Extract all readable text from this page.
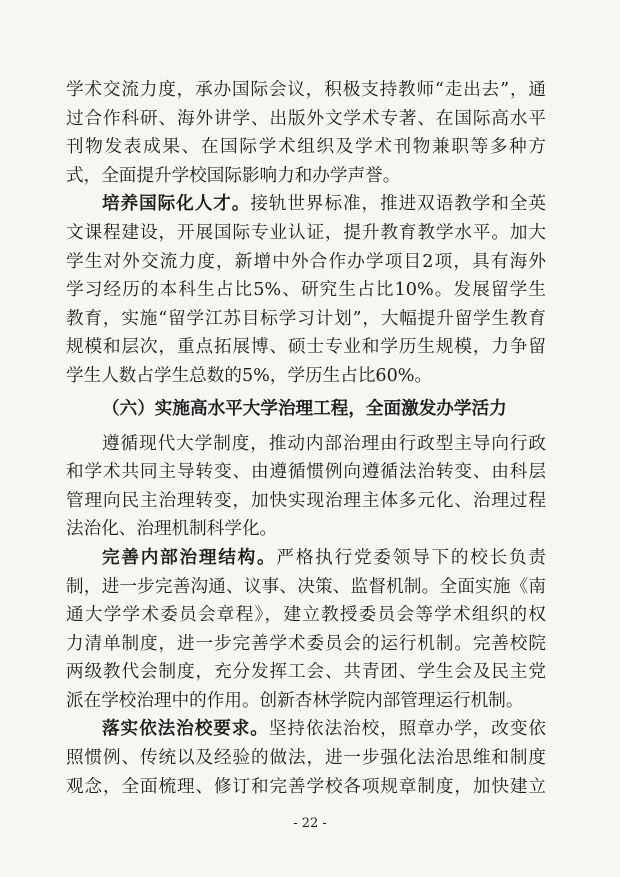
学术交流力度，承办国际会议，积极支持教师“走出去”，通
过合作科研、海外讲学、出版外文学术专著、在国际高水平
刊物发表成果、在国际学术组织及学术刊物兼职等多种方
式，全面提升学校国际影响力和办学声誉。
培养国际化人才。接轨世界标准，推进双语教学和全英
文课程建设，开展国际专业认证，提升教育教学水平。加大
学生对外交流力度，新增中外合作办学项目2项，具有海外
学习经历的本科生占比5%、研究生占比10%。发展留学生
教育，实施“留学江苏目标学习计划”，大幅提升留学生教育
规模和层次，重点拓展博、硕士专业和学历生规模，力争留
学生人数占学生总数的5%，学历生占比60%。
（六）实施高水平大学治理工程，全面激发办学活力
遵循现代大学制度，推动内部治理由行政型主导向行政
和学术共同主导转变、由遵循惯例向遵循法治转变、由科层
管理向民主治理转变，加快实现治理主体多元化、治理过程
法治化、治理机制科学化。
完善内部治理结构。严格执行党委领导下的校长负责
制，进一步完善沟通、议事、决策、监督机制。全面实施《南
通大学学术委员会章程》，建立教授委员会等学术组织的权
力清单制度，进一步完善学术委员会的运行机制。完善校院
两级教代会制度，充分发挥工会、共青团、学生会及民主党
派在学校治理中的作用。创新杏林学院内部管理运行机制。
落实依法治校要求。坚持依法治校，照章办学，改变依
照惯例、传统以及经验的做法，进一步强化法治思维和制度
观念，全面梳理、修订和完善学校各项规章制度，加快建立
- 22 -
